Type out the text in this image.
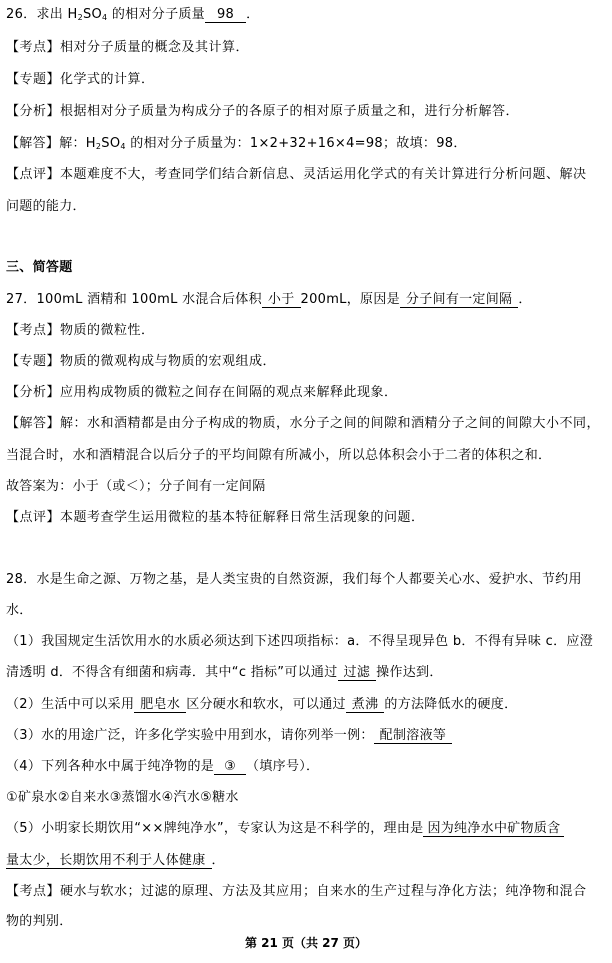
26．求出 $H_2SO_4$ 的相对分子质量 98 ．
【考点】相对分子质量的概念及其计算．
【专题】化学式的计算．
【分析】根据相对分子质量为构成分子的各原子的相对原子质量之和，进行分析解答．
【解答】解：$H_2SO_4$ 的相对分子质量为：1×2+32+16×4=98；故填：98．
【点评】本题难度不大，考查同学们结合新信息、灵活运用化学式的有关计算进行分析问题、解决
问题的能力．
三、简答题
27．100mL 酒精和 100mL 水混合后体积 小于 200mL，原因是 分子间有一定间隔 ．
【考点】物质的微粒性．
【专题】物质的微观构成与物质的宏观组成．
【分析】应用构成物质的微粒之间存在间隔的观点来解释此现象．
【解答】解：水和酒精都是由分子构成的物质，水分子之间的间隙和酒精分子之间的间隙大小不同，
当混合时，水和酒精混合以后分子的平均间隙有所减小，所以总体积会小于二者的体积之和．
故答案为：小于（或＜）；分子间有一定间隔
【点评】本题考查学生运用微粒的基本特征解释日常生活现象的问题．
28．水是生命之源、万物之基，是人类宝贵的自然资源，我们每个人都要关心水、爱护水、节约用
水．
（1）我国规定生活饮用水的水质必须达到下述四项指标：a．不得呈现异色 b．不得有异味 c．应澄
清透明 d．不得含有细菌和病毒．其中“c 指标”可以通过 过滤 操作达到．
（2）生活中可以采用 肥皂水 区分硬水和软水，可以通过 煮沸 的方法降低水的硬度．
（3）水的用途广泛，许多化学实验中用到水，请你列举一例： 配制溶液等
（4）下列各种水中属于纯净物的是 ③ （填序号）．
①矿泉水②自来水③蒸馏水④汽水⑤糖水
（5）小明家长期饮用“××牌纯净水”，专家认为这是不科学的，理由是 因为纯净水中矿物质含
量太少，长期饮用不利于人体健康 ．
【考点】硬水与软水；过滤的原理、方法及其应用；自来水的生产过程与净化方法；纯净物和混合
物的判别．
第 21 页（共 27 页）
